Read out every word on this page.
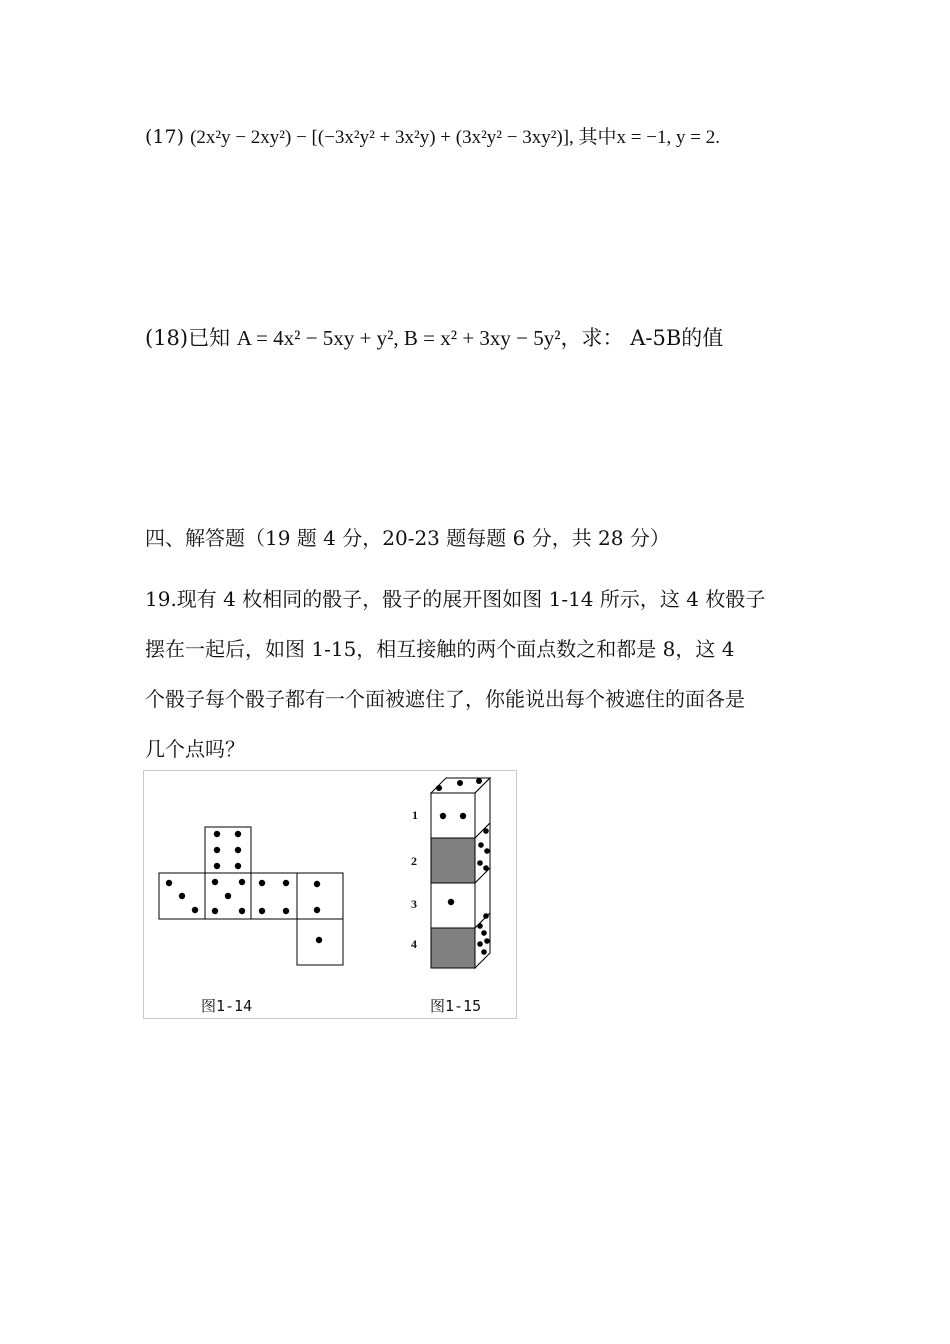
(17) (2x²y − 2xy²) − [(−3x²y² + 3x²y) + (3x²y² − 3xy²)], 其中x = −1, y = 2.
(18)已知 A = 4x² − 5xy + y², B = x² + 3xy − 5y²，求： A-5B的值
四、解答题（19 题 4 分，20-23 题每题 6 分，共 28 分）
19.现有 4 枚相同的骰子，骰子的展开图如图 1-14 所示，这 4 枚骰子
摆在一起后，如图 1-15，相互接触的两个面点数之和都是 8，这 4
个骰子每个骰子都有一个面被遮住了，你能说出每个被遮住的面各是
几个点吗？
1
2
3
4
图1-14	图1-15
